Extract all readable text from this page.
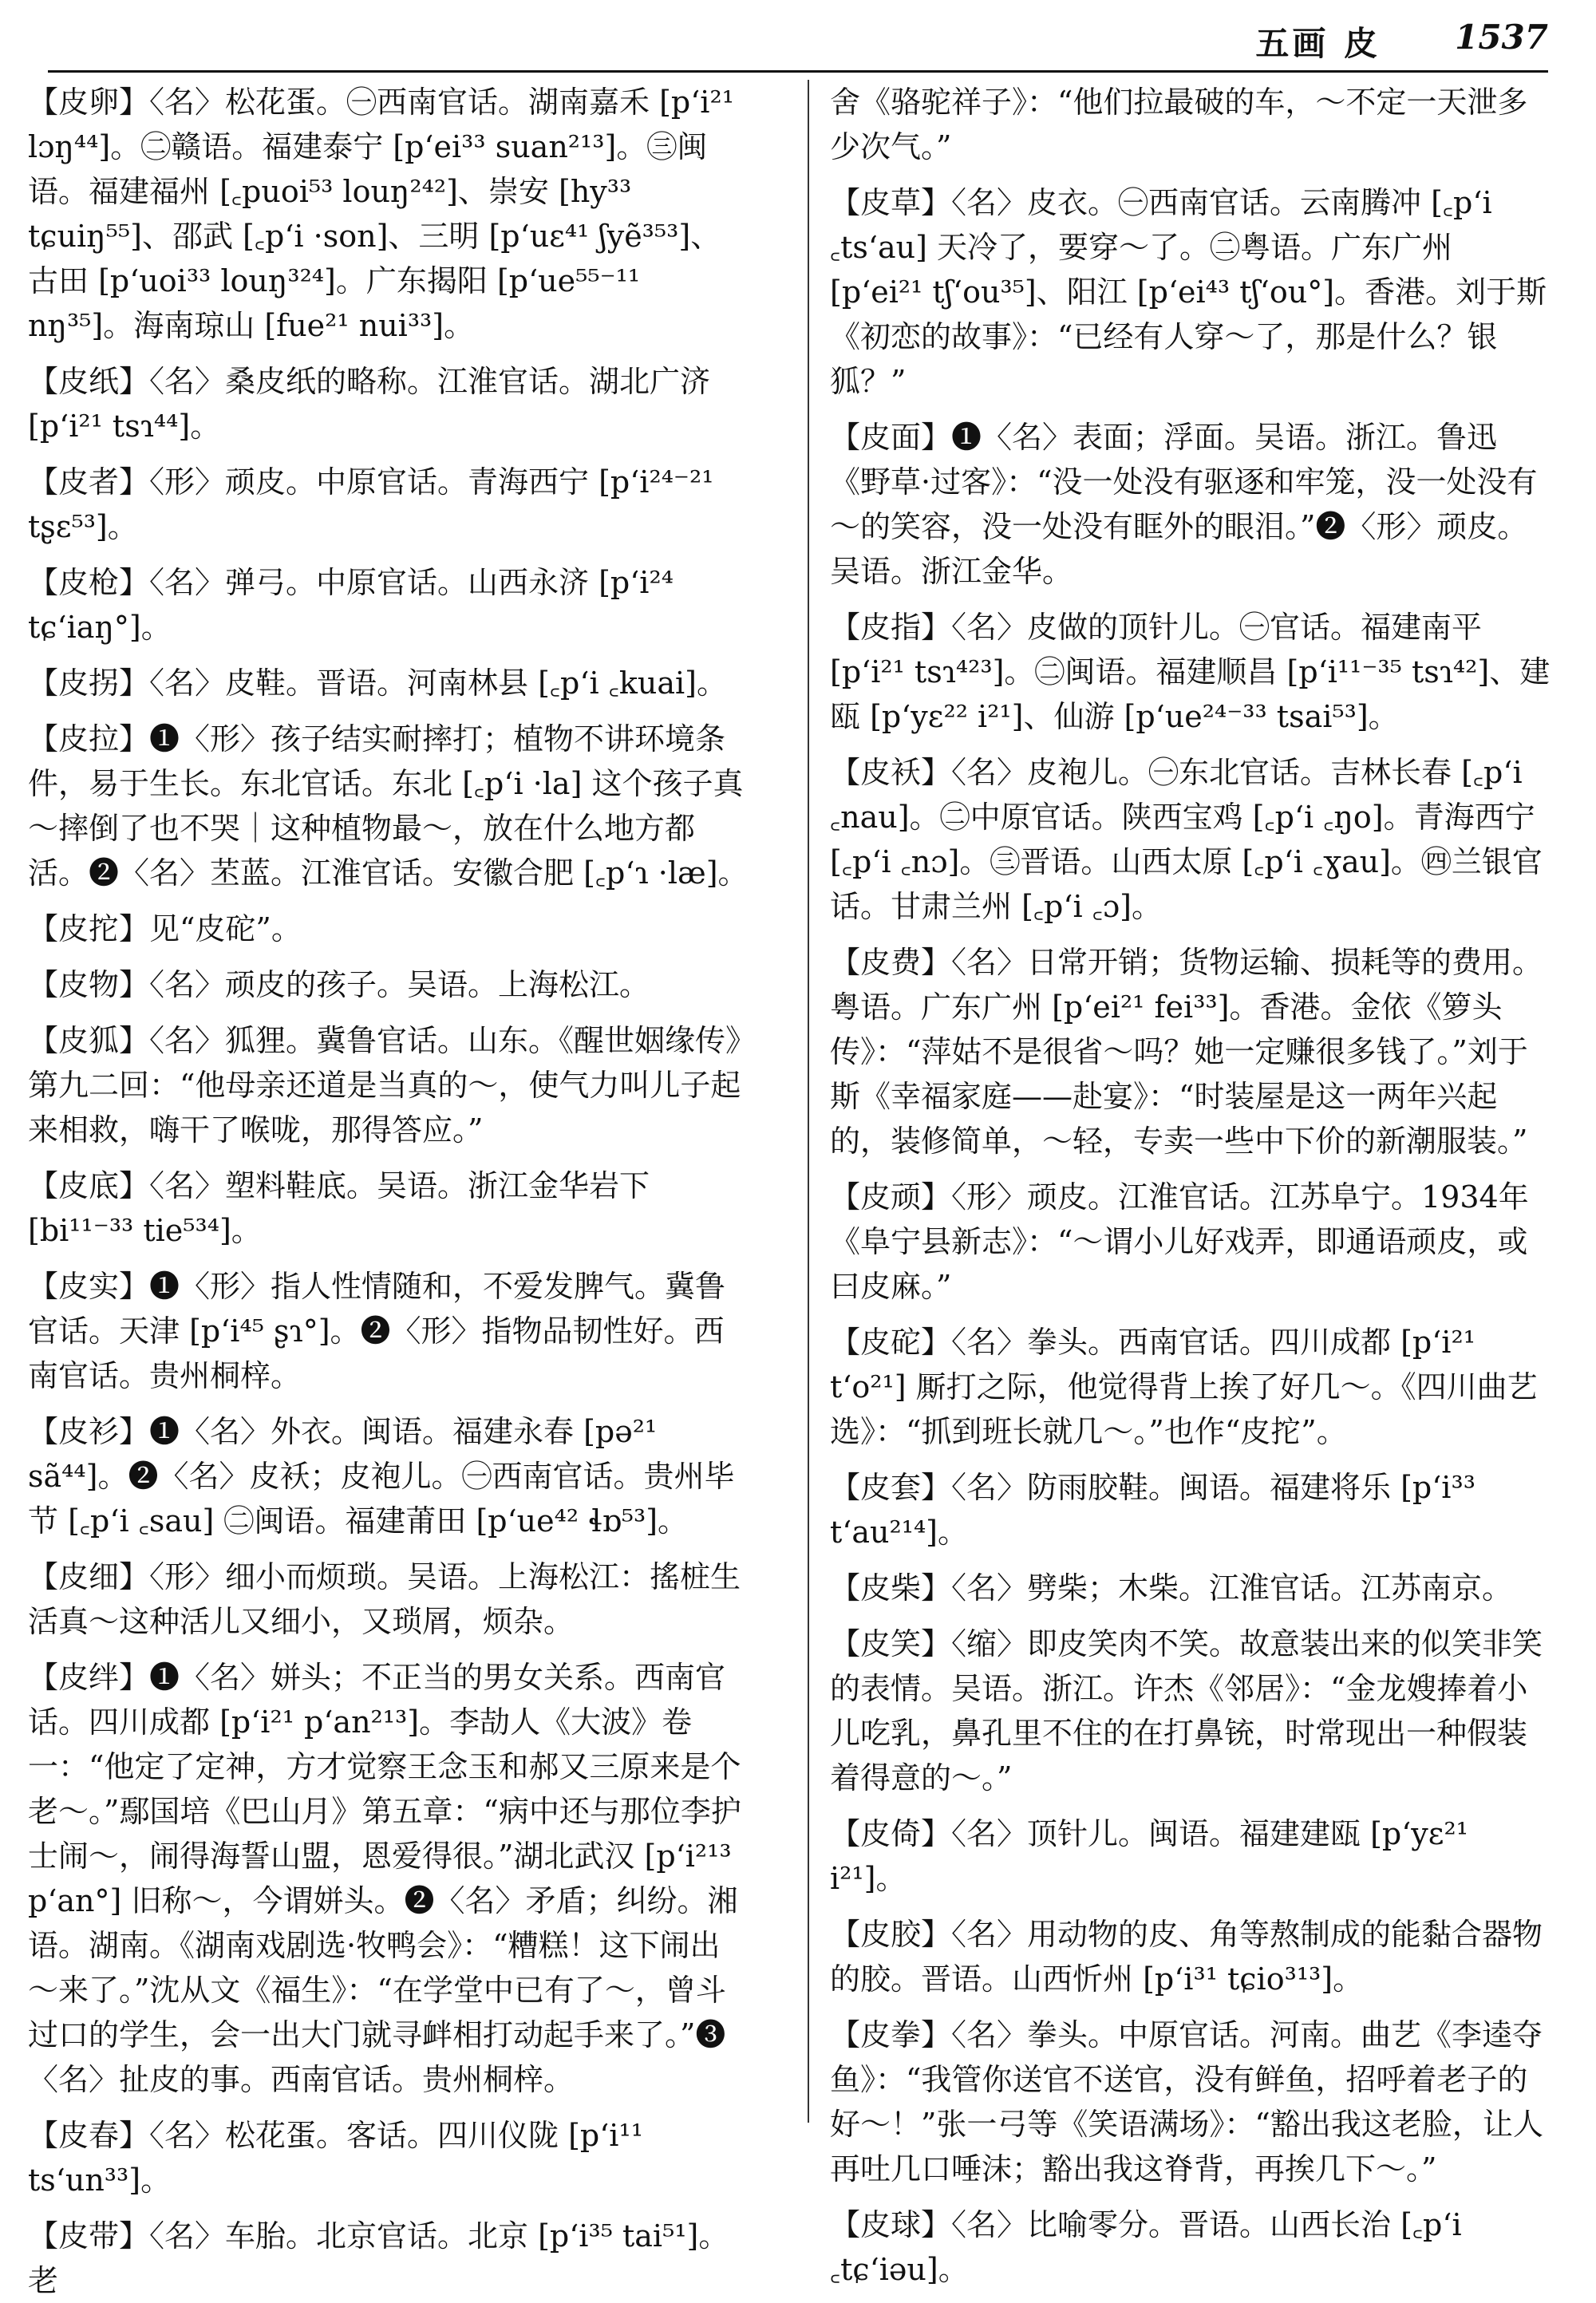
五画 皮 1537

【皮卵】〈名〉松花蛋。㊀西南官话。湖南嘉禾 [pʻi²¹ lɔŋ⁴⁴]。㊁赣语。福建泰宁 [pʻei³³ suan²¹³]。㊂闽语。福建福州 [꜀puoi⁵³ louŋ²⁴²]、崇安 [hy³³ tɕuiŋ⁵⁵]、邵武 [꜀pʻi ·son]、三明 [pʻuɛ⁴¹ ʃyẽ³⁵³]、古田 [pʻuoi³³ louŋ³²⁴]。广东揭阳 [pʻue⁵⁵⁻¹¹ nŋ³⁵]。海南琼山 [fue²¹ nui³³]。

【皮纸】〈名〉桑皮纸的略称。江淮官话。湖北广济 [pʻi²¹ tsɿ⁴⁴]。

【皮者】〈形〉顽皮。中原官话。青海西宁 [pʻi²⁴⁻²¹ tʂɛ⁵³]。

【皮枪】〈名〉弹弓。中原官话。山西永济 [pʻi²⁴ tɕʻiaŋ°]。

【皮拐】〈名〉皮鞋。晋语。河南林县 [꜀pʻi ꜀kuai]。

【皮拉】❶〈形〉孩子结实耐摔打；植物不讲环境条件，易于生长。东北官话。东北 [꜀pʻi ·la] 这个孩子真～摔倒了也不哭｜这种植物最～，放在什么地方都活。❷〈名〉苤蓝。江淮官话。安徽合肥 [꜀pʻɿ ·læ]。

【皮拕】见“皮砣”。

【皮物】〈名〉顽皮的孩子。吴语。上海松江。

【皮狐】〈名〉狐狸。冀鲁官话。山东。《醒世姻缘传》第九二回：“他母亲还道是当真的～，使气力叫儿子起来相救，嗨干了喉咙，那得答应。”

【皮底】〈名〉塑料鞋底。吴语。浙江金华岩下 [bi¹¹⁻³³ tie⁵³⁴]。

【皮实】❶〈形〉指人性情随和，不爱发脾气。冀鲁官话。天津 [pʻi⁴⁵ ʂɿ°]。❷〈形〉指物品韧性好。西南官话。贵州桐梓。

【皮衫】❶〈名〉外衣。闽语。福建永春 [pə²¹ sã⁴⁴]。❷〈名〉皮袄；皮袍儿。㊀西南官话。贵州毕节 [꜀pʻi ꜀sau] ㊁闽语。福建莆田 [pʻue⁴² ɬɒ⁵³]。

【皮细】〈形〉细小而烦琐。吴语。上海松江：搖桩生活真～这种活儿又细小，又琐屑，烦杂。

【皮绊】❶〈名〉姘头；不正当的男女关系。西南官话。四川成都 [pʻi²¹ pʻan²¹³]。李劼人《大波》卷一：“他定了定神，方才觉察王念玉和郝又三原来是个老～。”鄢国培《巴山月》第五章：“病中还与那位李护士闹～，闹得海誓山盟，恩爱得很。”湖北武汉 [pʻi²¹³ pʻan°] 旧称～，今谓姘头。❷〈名〉矛盾；纠纷。湘语。湖南。《湖南戏剧选·牧鸭会》：“糟糕！这下闹出～来了。”沈从文《福生》：“在学堂中已有了～，曾斗过口的学生，会一出大门就寻衅相打动起手来了。”❸〈名〉扯皮的事。西南官话。贵州桐梓。

【皮春】〈名〉松花蛋。客话。四川仪陇 [pʻi¹¹ tsʻun³³]。

【皮带】〈名〉车胎。北京官话。北京 [pʻi³⁵ tai⁵¹]。老

舍《骆驼祥子》：“他们拉最破的车，～不定一天泄多少次气。”

【皮草】〈名〉皮衣。㊀西南官话。云南腾冲 [꜀pʻi ꜀tsʻau] 天冷了，要穿～了。㊁粤语。广东广州 [pʻei²¹ tʃʻou³⁵]、阳江 [pʻei⁴³ tʃʻou°]。香港。刘于斯《初恋的故事》：“已经有人穿～了，那是什么？银狐？”

【皮面】❶〈名〉表面；浮面。吴语。浙江。鲁迅《野草·过客》：“没一处没有驱逐和牢笼，没一处没有～的笑容，没一处没有眶外的眼泪。”❷〈形〉顽皮。吴语。浙江金华。

【皮指】〈名〉皮做的顶针儿。㊀官话。福建南平 [pʻi²¹ tsɿ⁴²³]。㊁闽语。福建顺昌 [pʻi¹¹⁻³⁵ tsɿ⁴²]、建瓯 [pʻyɛ²² i²¹]、仙游 [pʻue²⁴⁻³³ tsai⁵³]。

【皮袄】〈名〉皮袍儿。㊀东北官话。吉林长春 [꜀pʻi ꜀nau]。㊁中原官话。陕西宝鸡 [꜀pʻi ꜀ŋo]。青海西宁 [꜀pʻi ꜀nɔ]。㊂晋语。山西太原 [꜀pʻi ꜀ɣau]。㊃兰银官话。甘肃兰州 [꜀pʻi ꜀ɔ]。

【皮费】〈名〉日常开销；货物运输、损耗等的费用。粤语。广东广州 [pʻei²¹ fei³³]。香港。金依《箩头传》：“萍姑不是很省～吗？她一定赚很多钱了。”刘于斯《幸福家庭——赴宴》：“时装屋是这一两年兴起的，装修简单，～轻，专卖一些中下价的新潮服装。”

【皮顽】〈形〉顽皮。江淮官话。江苏阜宁。1934年《阜宁县新志》：“～谓小儿好戏弄，即通语顽皮，或曰皮麻。”

【皮砣】〈名〉拳头。西南官话。四川成都 [pʻi²¹ tʻo²¹] 厮打之际，他觉得背上挨了好几～。《四川曲艺选》：“抓到班长就几～。”也作“皮拕”。

【皮套】〈名〉防雨胶鞋。闽语。福建将乐 [pʻi³³ tʻau²¹⁴]。

【皮柴】〈名〉劈柴；木柴。江淮官话。江苏南京。

【皮笑】〈缩〉即皮笑肉不笑。故意装出来的似笑非笑的表情。吴语。浙江。许杰《邻居》：“金龙嫂捧着小儿吃乳，鼻孔里不住的在打鼻铳，时常现出一种假装着得意的～。”

【皮倚】〈名〉顶针儿。闽语。福建建瓯 [pʻyɛ²¹ i²¹]。

【皮胶】〈名〉用动物的皮、角等熬制成的能黏合器物的胶。晋语。山西忻州 [pʻi³¹ tɕio³¹³]。

【皮拳】〈名〉拳头。中原官话。河南。曲艺《李逵夺鱼》：“我管你送官不送官，没有鲜鱼，招呼着老子的好～！”张一弓等《笑语满场》：“豁出我这老脸，让人再吐几口唾沫；豁出我这脊背，再挨几下～。”

【皮球】〈名〉比喻零分。晋语。山西长治 [꜀pʻi ꜀tɕʻiəu]。
